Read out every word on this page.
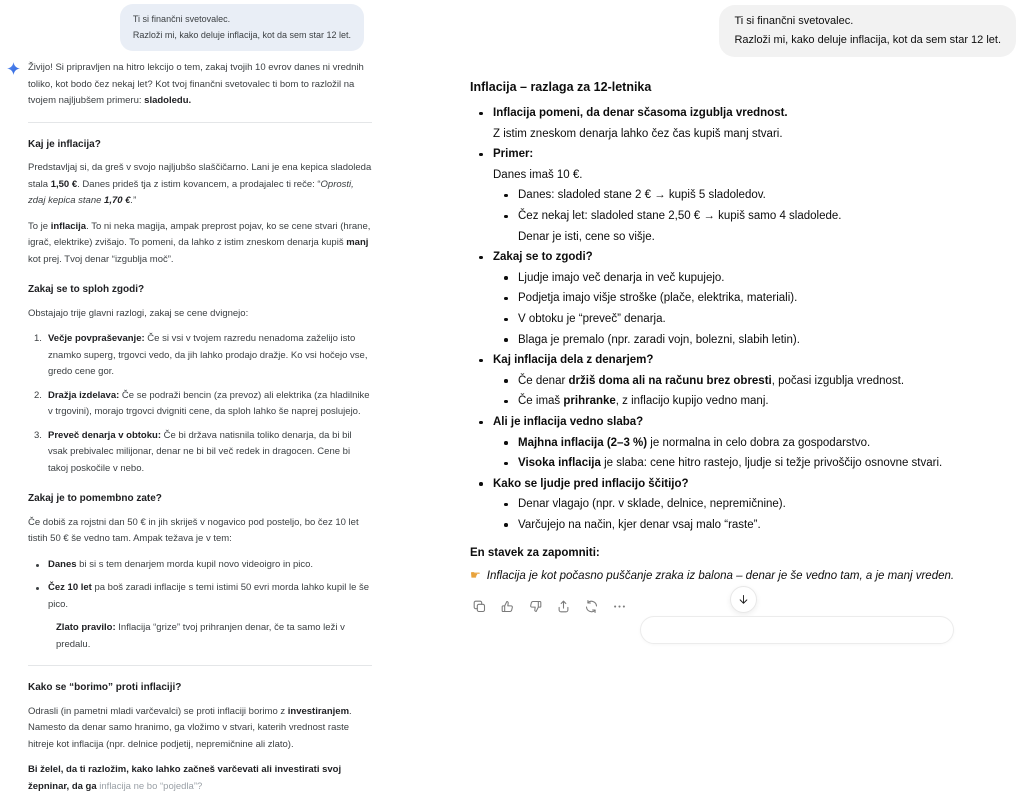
Ti si finančni svetovalec.
Razloži mi, kako deluje inflacija, kot da sem star 12 let.
Živijo! Si pripravljen na hitro lekcijo o tem, zakaj tvojih 10 evrov danes ni vrednih toliko, kot bodo čez nekaj let? Kot tvoj finančni svetovalec ti bom to razložil na tvojem najljubšem primeru: sladoledu.
Kaj je inflacija?
Predstavljaj si, da greš v svojo najljubšo slaščičarno. Lani je ena kepica sladoleda stala 1,50 €. Danes prideš tja z istim kovancem, a prodajalec ti reče: “Oprosti, zdaj kepica stane 1,70 €.”
To je inflacija. To ni neka magija, ampak preprost pojav, ko se cene stvari (hrane, igrač, elektrike) zvišajo. To pomeni, da lahko z istim zneskom denarja kupiš manj kot prej. Tvoj denar “izgublja moč”.
Zakaj se to sploh zgodi?
Obstajajo trije glavni razlogi, zakaj se cene dvignejo:
1. Večje povpraševanje: Če si vsi v tvojem razredu nenadoma zaželijo isto znamko superg, trgovci vedo, da jih lahko prodajo dražje. Ko vsi hočejo vse, gredo cene gor.
2. Dražja izdelava: Če se podraži bencin (za prevoz) ali elektrika (za hladilnike v trgovini), morajo trgovci dvigniti cene, da sploh lahko še naprej poslujejo.
3. Preveč denarja v obtoku: Če bi država natisnila toliko denarja, da bi bil vsak prebivalec milijonar, denar ne bi bil več redek in dragocen. Cene bi takoj poskočile v nebo.
Zakaj je to pomembno zate?
Če dobiš za rojstni dan 50 € in jih skriješ v nogavico pod posteljo, bo čez 10 let tistih 50 € še vedno tam. Ampak težava je v tem:
Danes bi si s tem denarjem morda kupil novo videoigro in pico.
Čez 10 let pa boš zaradi inflacije s temi istimi 50 evri morda lahko kupil le še pico.
Zlato pravilo: Inflacija “grize” tvoj prihranjen denar, če ta samo leži v predalu.
Kako se “borimo” proti inflaciji?
Odrasli (in pametni mladi varčevalci) se proti inflaciji borimo z investiranjem. Namesto da denar samo hranimo, ga vložimo v stvari, katerih vrednost raste hitreje kot inflacija (npr. delnice podjetij, nepremičnine ali zlato).
Bi želel, da ti razložim, kako lahko začneš varčevati ali investirati svoj žepninar, da ga inflacija ne bo “pojedla”?
Ti si finančni svetovalec.
Razloži mi, kako deluje inflacija, kot da sem star 12 let.
Inflacija – razlaga za 12-letnika
Inflacija pomeni, da denar sčasoma izgublja vrednost.
Z istim zneskom denarja lahko čez čas kupiš manj stvari.
Primer:
Danes imaš 10 €.
Danes: sladoled stane 2 € → kupiš 5 sladoledov.
Čez nekaj let: sladoled stane 2,50 € → kupiš samo 4 sladolede.
Denar je isti, cene so višje.
Zakaj se to zgodi?
Ljudje imajo več denarja in več kupujejo.
Podjetja imajo višje stroške (plače, elektrika, materiali).
V obtoku je “preveč” denarja.
Blaga je premalo (npr. zaradi vojn, bolezni, slabih letin).
Kaj inflacija dela z denarjem?
Če denar držiš doma ali na računu brez obresti, počasi izgublja vrednost.
Če imaš prihranke, z inflacijo kupijo vedno manj.
Ali je inflacija vedno slaba?
Majhna inflacija (2–3 %) je normalna in celo dobra za gospodarstvo.
Visoka inflacija je slaba: cene hitro rastejo, ljudje si težje privoščijo osnovne stvari.
Kako se ljudje pred inflacijo ščitijo?
Denar vlagajo (npr. v sklade, delnice, nepremičnine).
Varčujejo na način, kjer denar vsaj malo “raste”.
En stavek za zapomniti:
☛ Inflacija je kot počasno puščanje zraka iz balona – denar je še vedno tam, a je manj vreden.
